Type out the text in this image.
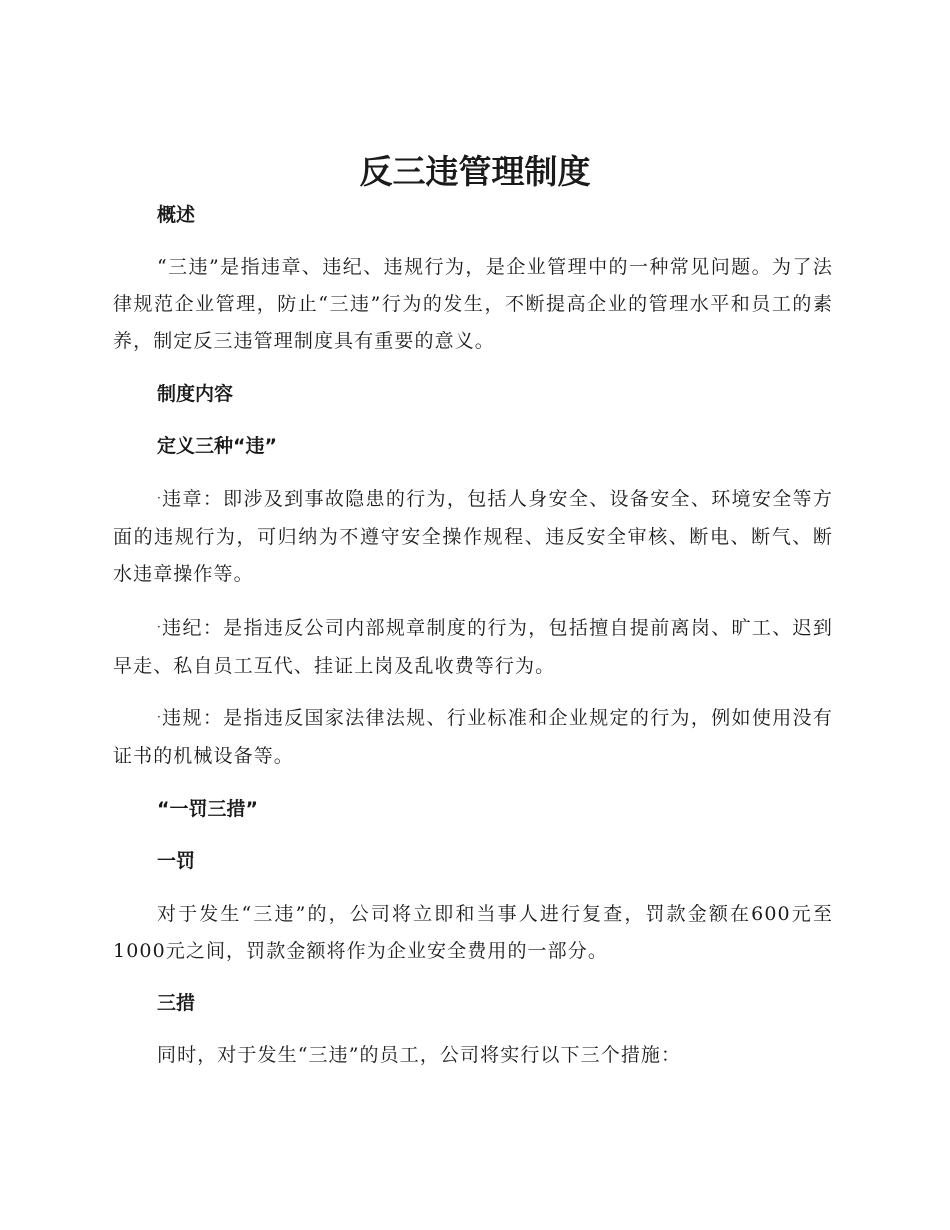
反三违管理制度
概述

“三违”是指违章、违纪、违规行为，是企业管理中的一种常见问题。为了法律规范企业管理，防止“三违”行为的发生，不断提高企业的管理水平和员工的素养，制定反三违管理制度具有重要的意义。

制度内容
定义三种“违”

·违章：即涉及到事故隐患的行为，包括人身安全、设备安全、环境安全等方面的违规行为，可归纳为不遵守安全操作规程、违反安全审核、断电、断气、断水违章操作等。

·违纪：是指违反公司内部规章制度的行为，包括擅自提前离岗、旷工、迟到早走、私自员工互代、挂证上岗及乱收费等行为。

·违规：是指违反国家法律法规、行业标准和企业规定的行为，例如使用没有证书的机械设备等。

“一罚三措”
一罚

对于发生“三违”的，公司将立即和当事人进行复查，罚款金额在600元至1000元之间，罚款金额将作为企业安全费用的一部分。

三措

同时，对于发生“三违”的员工，公司将实行以下三个措施：
